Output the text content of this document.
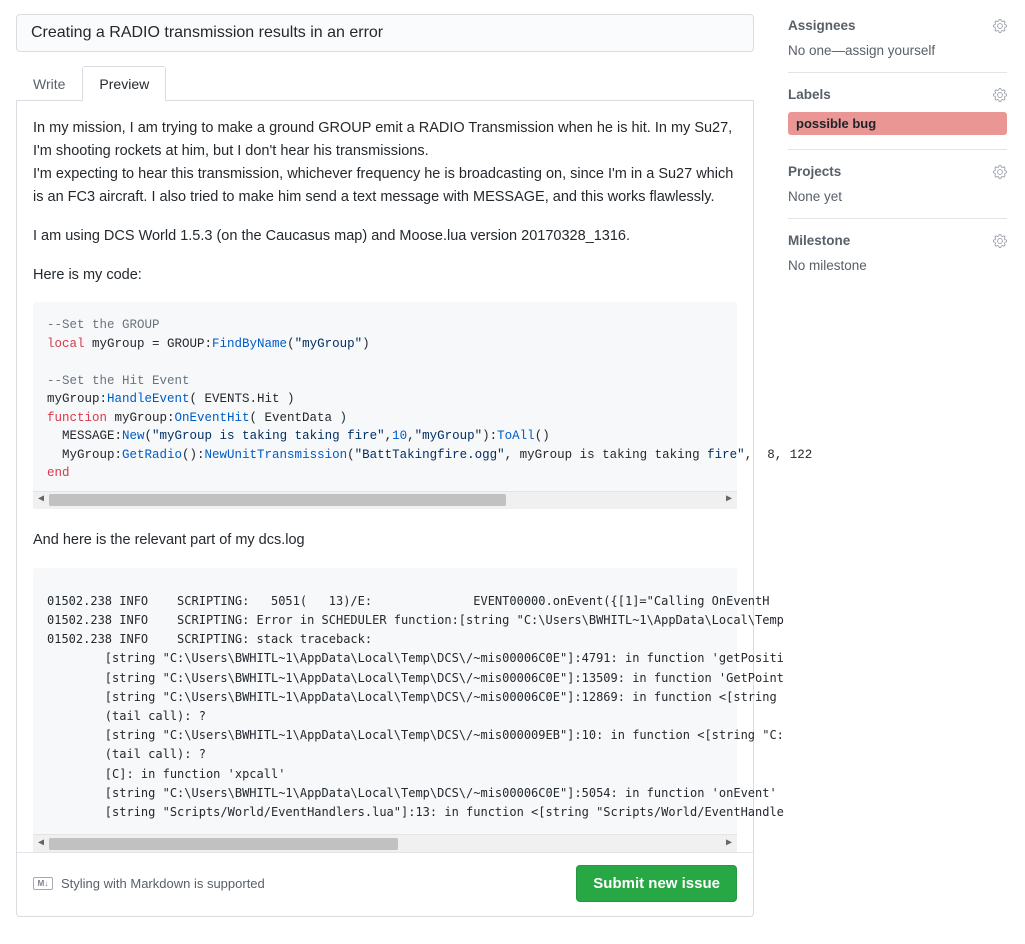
Creating a RADIO transmission results in an error
Write	Preview

In my mission, I am trying to make a ground GROUP emit a RADIO Transmission when he is hit. In my Su27,
I'm shooting rockets at him, but I don't hear his transmissions.
I'm expecting to hear this transmission, whichever frequency he is broadcasting on, since I'm in a Su27 which
is an FC3 aircraft. I also tried to make him send a text message with MESSAGE, and this works flawlessly.

I am using DCS World 1.5.3 (on the Caucasus map) and Moose.lua version 20170328_1316.

Here is my code:

--Set the GROUP
local myGroup = GROUP:FindByName("myGroup")

--Set the Hit Event
myGroup:HandleEvent( EVENTS.Hit )
function myGroup:OnEventHit( EventData )
MESSAGE:New("myGroup is taking taking fire",10,"myGroup"):ToAll()
MyGroup:GetRadio():NewUnitTransmission("BattTakingfire.ogg", myGroup is taking taking fire",  8, 122
end
◀	▶

And here is the relevant part of my dcs.log

01502.238 INFO    SCRIPTING:   5051(   13)/E:              EVENT00000.onEvent({[1]="Calling OnEventH
01502.238 INFO    SCRIPTING: Error in SCHEDULER function:[string "C:\Users\BWHITL~1\AppData\Local\Temp
01502.238 INFO    SCRIPTING: stack traceback:
[string "C:\Users\BWHITL~1\AppData\Local\Temp\DCS\/~mis00006C0E"]:4791: in function 'getPositi
[string "C:\Users\BWHITL~1\AppData\Local\Temp\DCS\/~mis00006C0E"]:13509: in function 'GetPoint
[string "C:\Users\BWHITL~1\AppData\Local\Temp\DCS\/~mis00006C0E"]:12869: in function <[string
(tail call): ?
[string "C:\Users\BWHITL~1\AppData\Local\Temp\DCS\/~mis000009EB"]:10: in function <[string "C:
(tail call): ?
[C]: in function 'xpcall'
[string "C:\Users\BWHITL~1\AppData\Local\Temp\DCS\/~mis00006C0E"]:5054: in function 'onEvent'
[string "Scripts/World/EventHandlers.lua"]:13: in function <[string "Scripts/World/EventHandle
◀	▶
M↓ Styling with Markdown is supported	Submit new issue
Assignees
No one—assign yourself
Labels
possible bug
Projects
None yet
Milestone
No milestone
